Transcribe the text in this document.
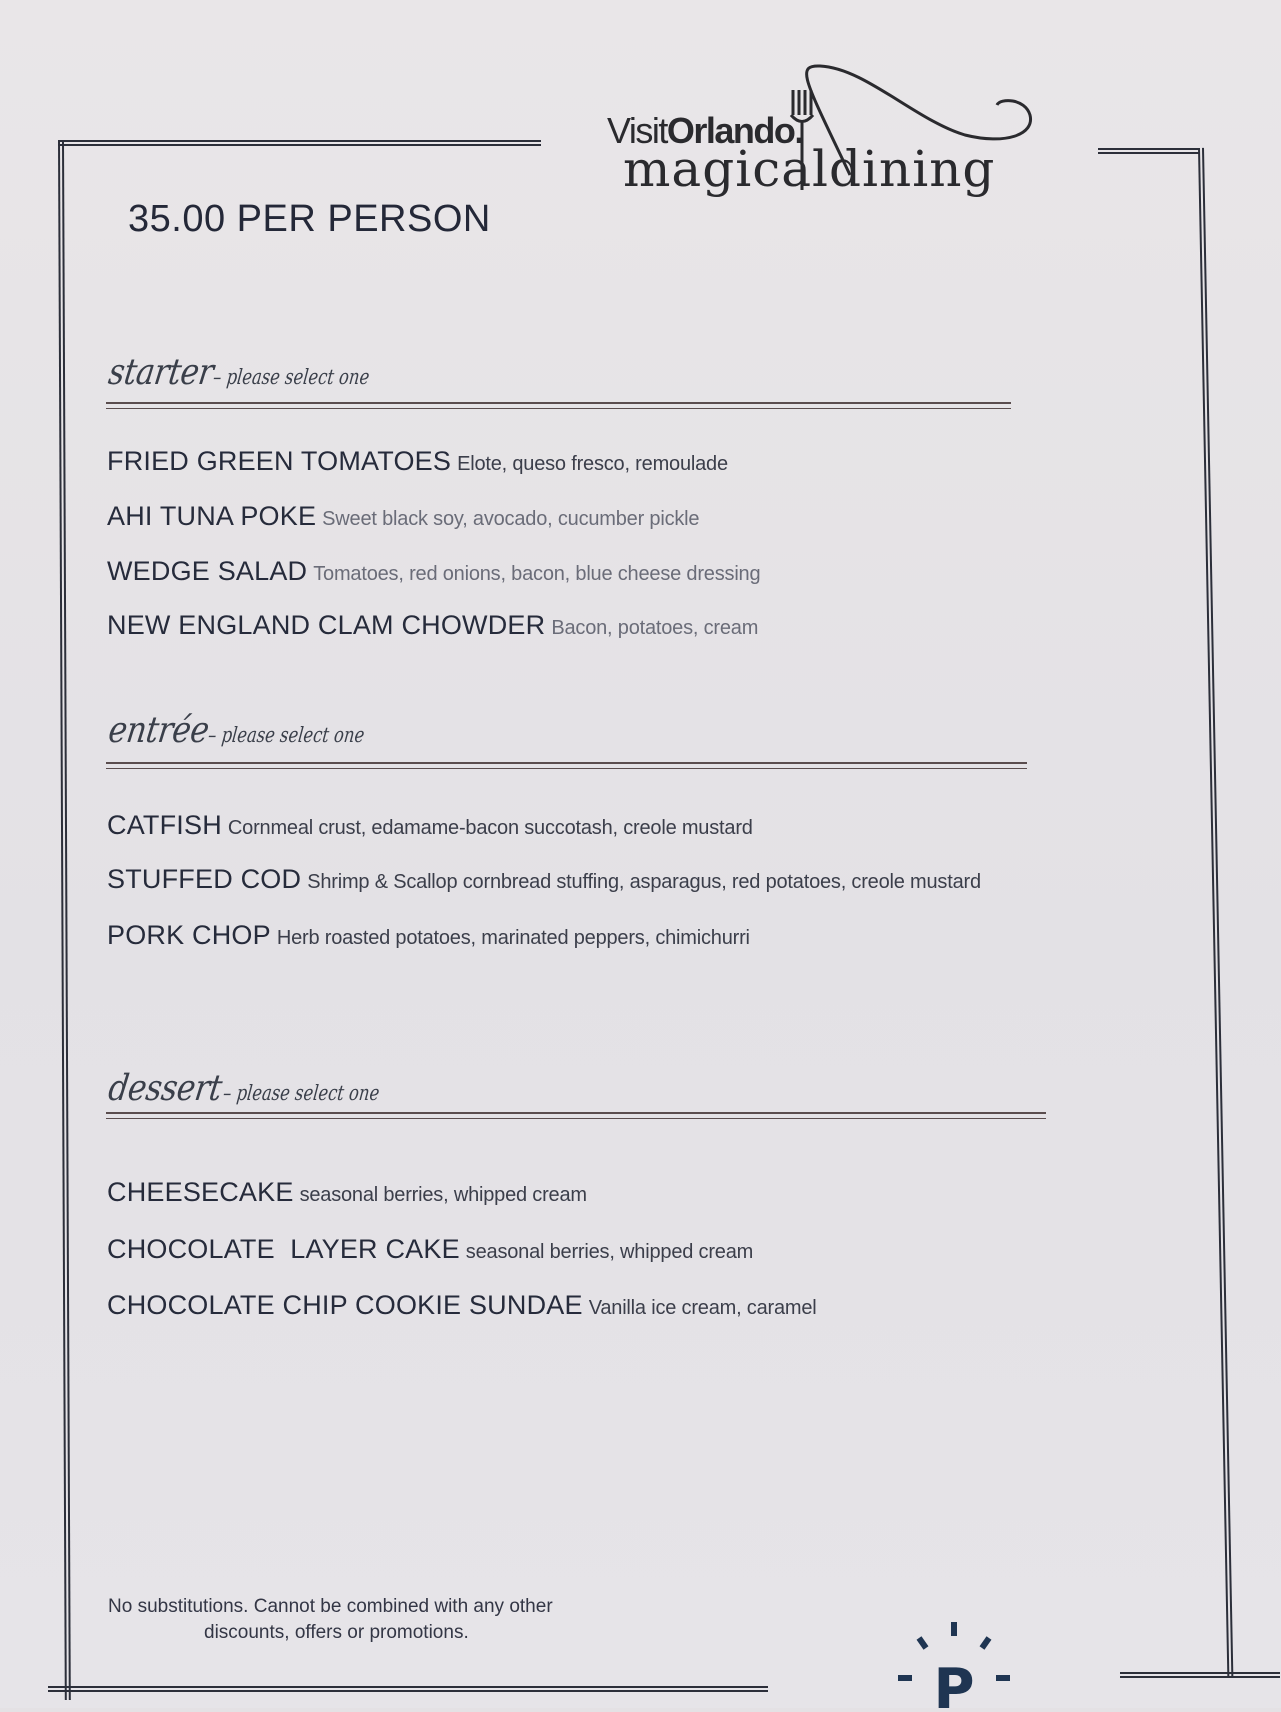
VisitOrlando.
magicaldining
35.00 PER PERSON
starter – please select one
FRIED GREEN TOMATOES Elote, queso fresco, remoulade
AHI TUNA POKE Sweet black soy, avocado, cucumber pickle
WEDGE SALAD Tomatoes, red onions, bacon, blue cheese dressing
NEW ENGLAND CLAM CHOWDER Bacon, potatoes, cream
entrée – please select one
CATFISH Cornmeal crust, edamame-bacon succotash, creole mustard
STUFFED COD Shrimp & Scallop cornbread stuffing, asparagus, red potatoes, creole mustard
PORK CHOP Herb roasted potatoes, marinated peppers, chimichurri
dessert – please select one
CHEESECAKE seasonal berries, whipped cream
CHOCOLATE  LAYER CAKE seasonal berries, whipped cream
CHOCOLATE CHIP COOKIE SUNDAE Vanilla ice cream, caramel
No substitutions. Cannot be combined with any other
discounts, offers or promotions.
P
